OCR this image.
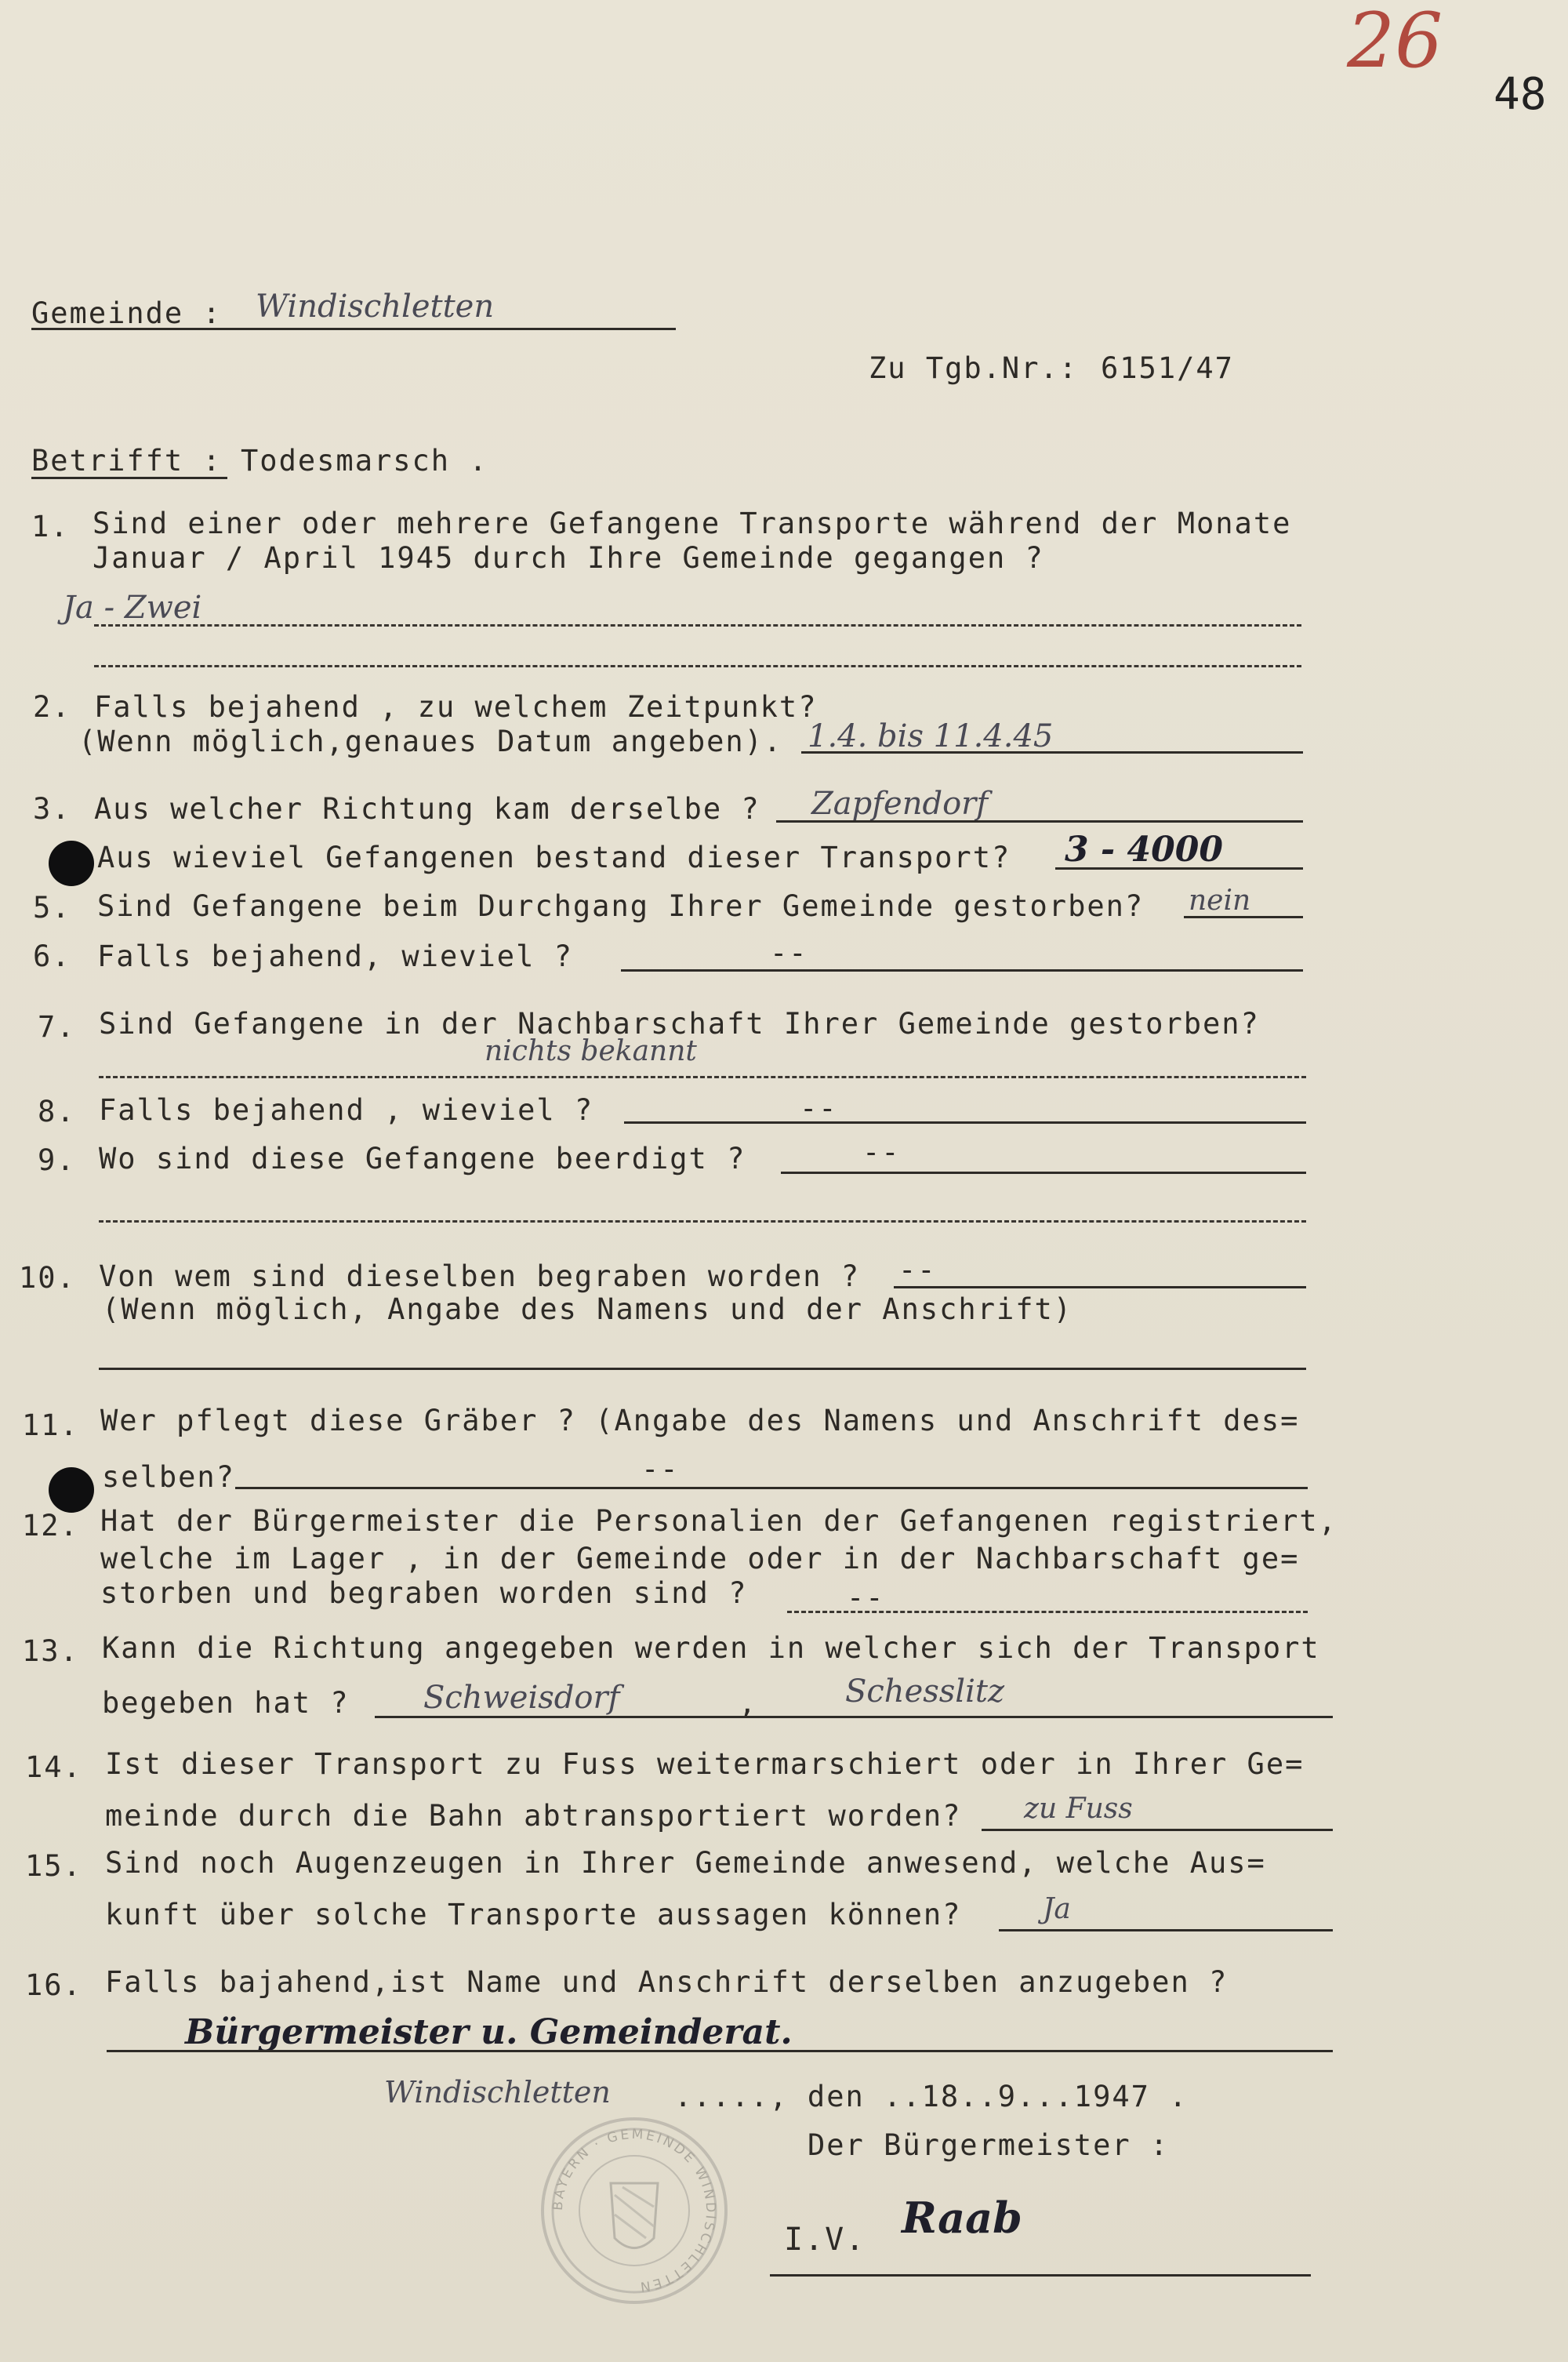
26
48
Gemeinde : Windischletten
Zu Tgb.Nr.: 6151/47
Betrifft : Todesmarsch .
1. Sind einer oder mehrere Gefangene Transporte während der Monate
Januar / April 1945 durch Ihre Gemeinde gegangen ?
Ja - Zwei
2. Falls bejahend , zu welchem Zeitpunkt?
(Wenn möglich,genaues Datum angeben). 1.4. bis 11.4.45
3. Aus welcher Richtung kam derselbe ? Zapfendorf
Aus wieviel Gefangenen bestand dieser Transport? 3 - 4000
5. Sind Gefangene beim Durchgang Ihrer Gemeinde gestorben? nein
6. Falls bejahend, wieviel ?	--
7. Sind Gefangene in der Nachbarschaft Ihrer Gemeinde gestorben?
nichts bekannt
8. Falls bejahend , wieviel ?	--
9. Wo sind diese Gefangene beerdigt ?	--
10. Von wem sind dieselben begraben worden ? --
(Wenn möglich, Angabe des Namens und der Anschrift)
11. Wer pflegt diese Gräber ? (Angabe des Namens und Anschrift des=
selben?	--
12. Hat der Bürgermeister die Personalien der Gefangenen registriert,
welche im Lager , in der Gemeinde oder in der Nachbarschaft ge=
storben und begraben worden sind ?	--
13. Kann die Richtung angegeben werden in welcher sich der Transport
begeben hat ? Schweisdorf	,	Schesslitz
14. Ist dieser Transport zu Fuss weitermarschiert oder in Ihrer Ge=
meinde durch die Bahn abtransportiert worden? zu Fuss
15. Sind noch Augenzeugen in Ihrer Gemeinde anwesend, welche Aus=
kunft über solche Transporte aussagen können?	Ja
16. Falls bajahend,ist Name und Anschrift derselben anzugeben ?
Bürgermeister u. Gemeinderat.
Windischletten ....., den ..18..9...1947 .
Der Bürgermeister :
BAYERN · GEMEINDE WINDISCHLETTEN
I.V. Raab
